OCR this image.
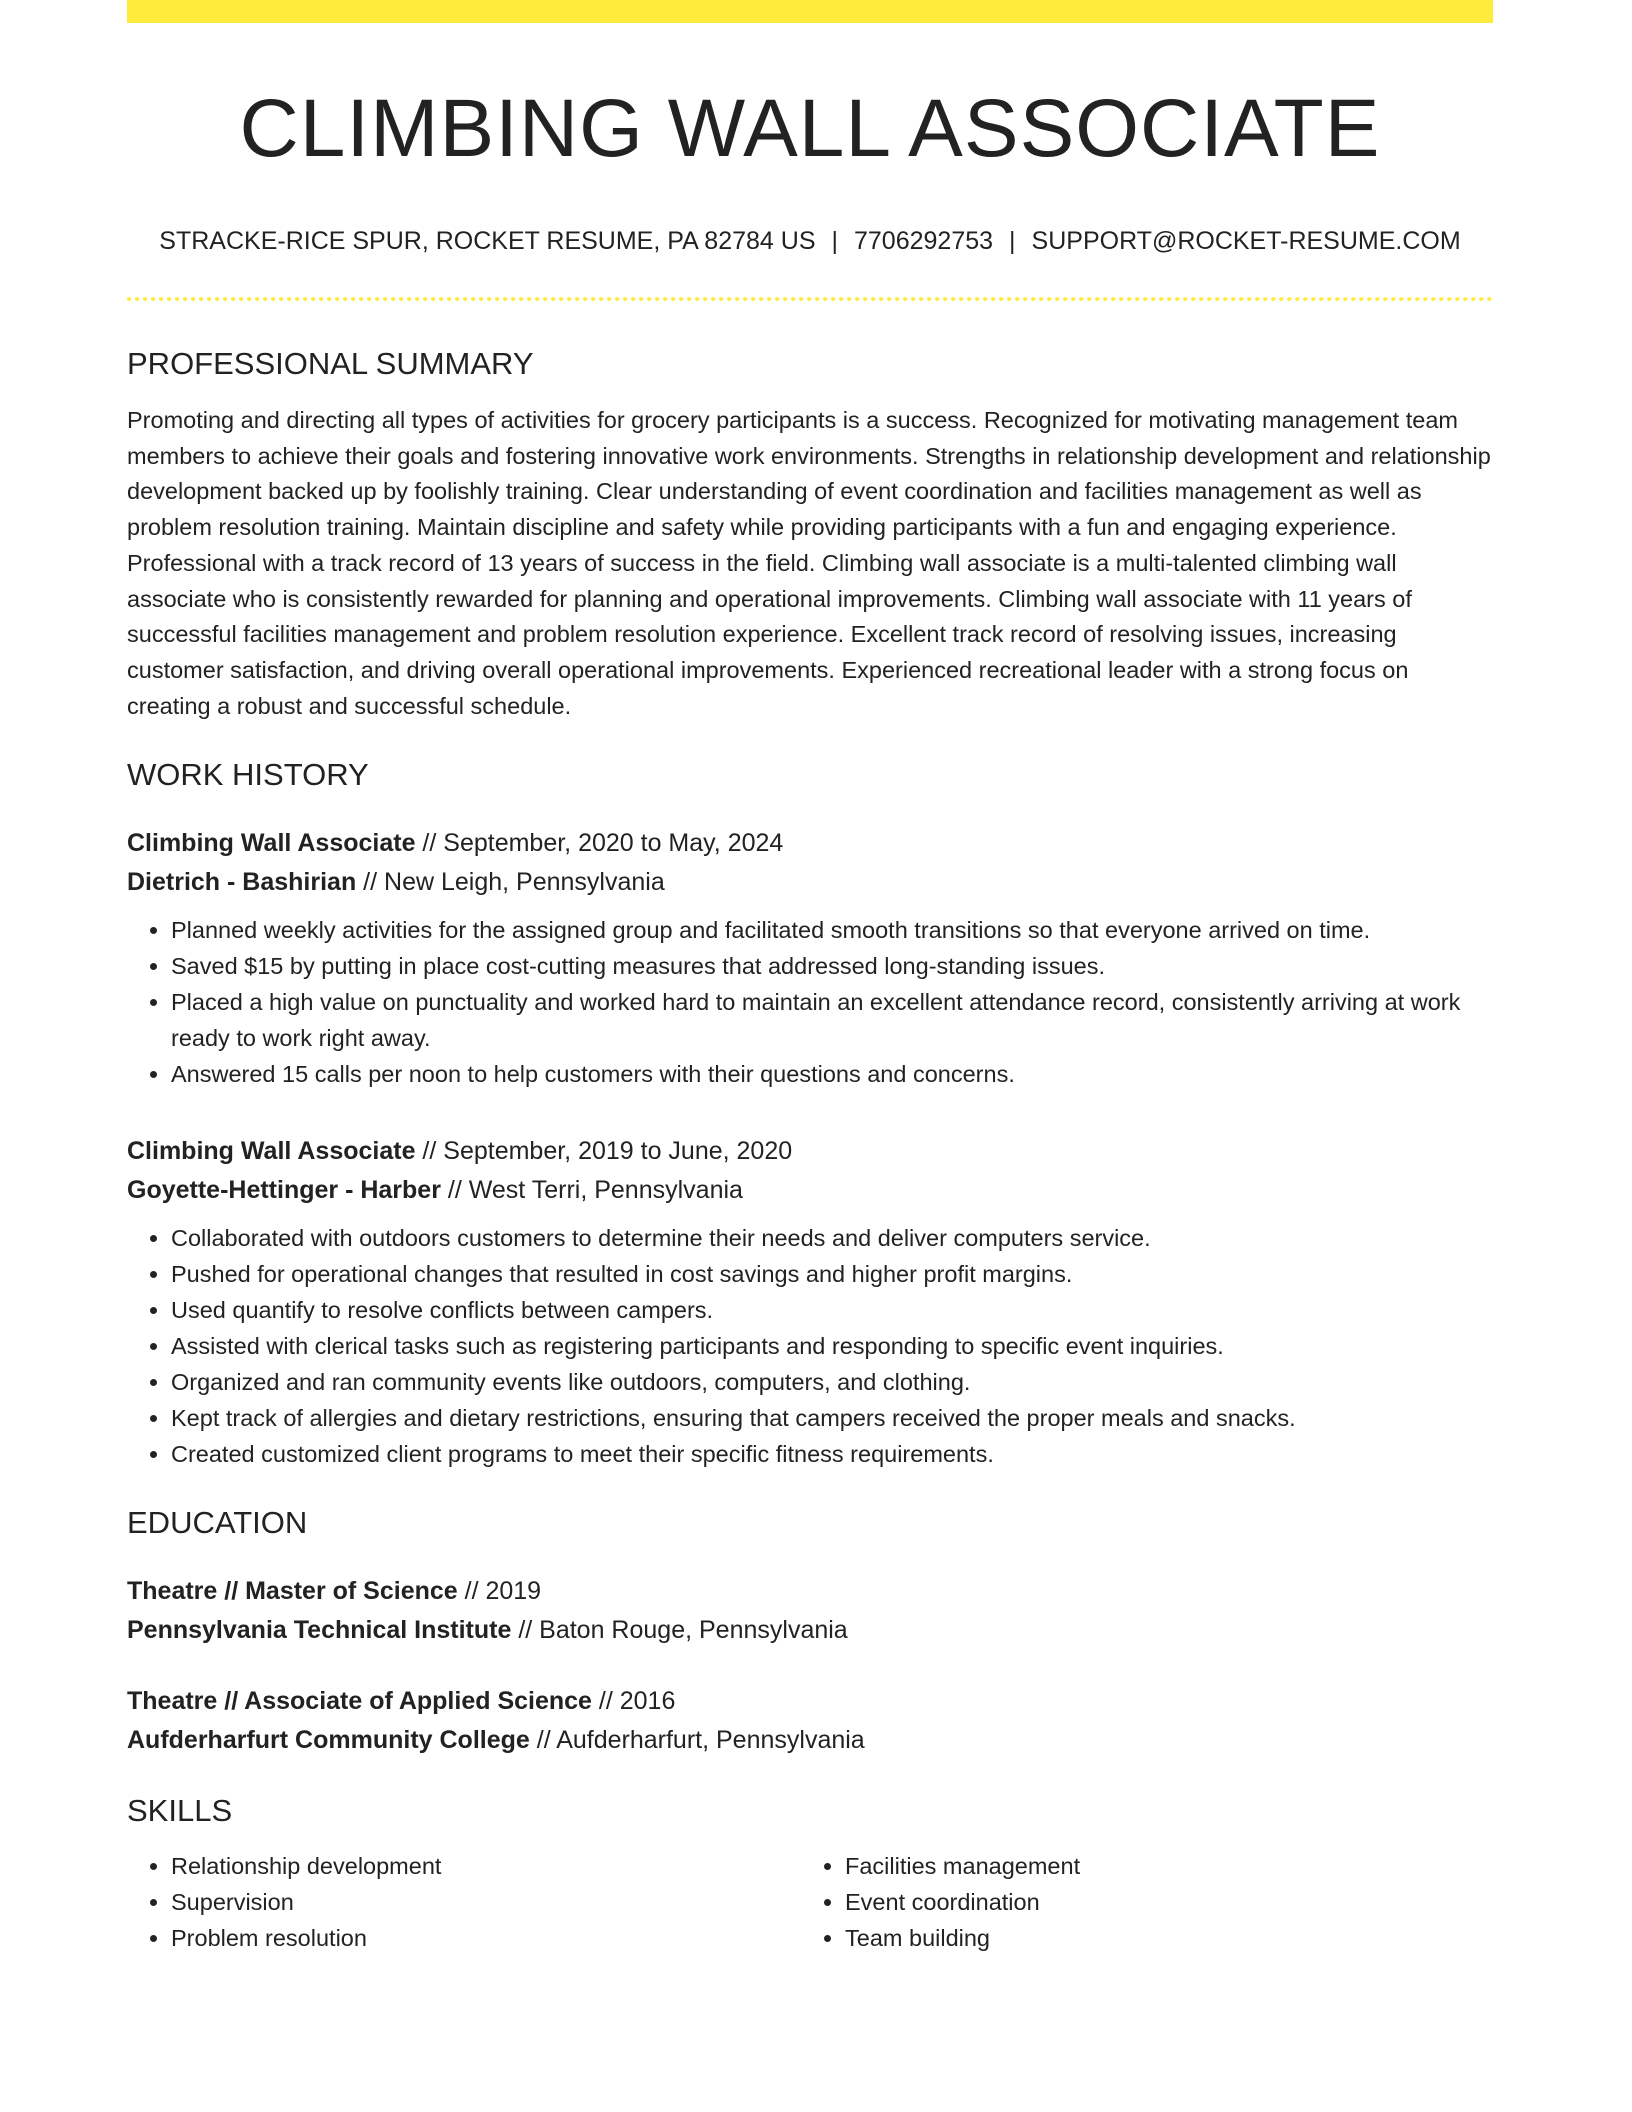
CLIMBING WALL ASSOCIATE
STRACKE-RICE SPUR, ROCKET RESUME, PA 82784 US | 7706292753 | SUPPORT@ROCKET-RESUME.COM
PROFESSIONAL SUMMARY
Promoting and directing all types of activities for grocery participants is a success. Recognized for motivating management team members to achieve their goals and fostering innovative work environments. Strengths in relationship development and relationship development backed up by foolishly training. Clear understanding of event coordination and facilities management as well as problem resolution training. Maintain discipline and safety while providing participants with a fun and engaging experience. Professional with a track record of 13 years of success in the field. Climbing wall associate is a multi-talented climbing wall associate who is consistently rewarded for planning and operational improvements. Climbing wall associate with 11 years of successful facilities management and problem resolution experience. Excellent track record of resolving issues, increasing customer satisfaction, and driving overall operational improvements. Experienced recreational leader with a strong focus on creating a robust and successful schedule.
WORK HISTORY
Climbing Wall Associate // September, 2020 to May, 2024
Dietrich - Bashirian // New Leigh, Pennsylvania
• Planned weekly activities for the assigned group and facilitated smooth transitions so that everyone arrived on time.
• Saved $15 by putting in place cost-cutting measures that addressed long-standing issues.
• Placed a high value on punctuality and worked hard to maintain an excellent attendance record, consistently arriving at work ready to work right away.
• Answered 15 calls per noon to help customers with their questions and concerns.
Climbing Wall Associate // September, 2019 to June, 2020
Goyette-Hettinger - Harber // West Terri, Pennsylvania
• Collaborated with outdoors customers to determine their needs and deliver computers service.
• Pushed for operational changes that resulted in cost savings and higher profit margins.
• Used quantify to resolve conflicts between campers.
• Assisted with clerical tasks such as registering participants and responding to specific event inquiries.
• Organized and ran community events like outdoors, computers, and clothing.
• Kept track of allergies and dietary restrictions, ensuring that campers received the proper meals and snacks.
• Created customized client programs to meet their specific fitness requirements.
EDUCATION
Theatre // Master of Science // 2019
Pennsylvania Technical Institute // Baton Rouge, Pennsylvania
Theatre // Associate of Applied Science // 2016
Aufderharfurt Community College // Aufderharfurt, Pennsylvania
SKILLS
• Relationship development
• Supervision
• Problem resolution
• Facilities management
• Event coordination
• Team building
